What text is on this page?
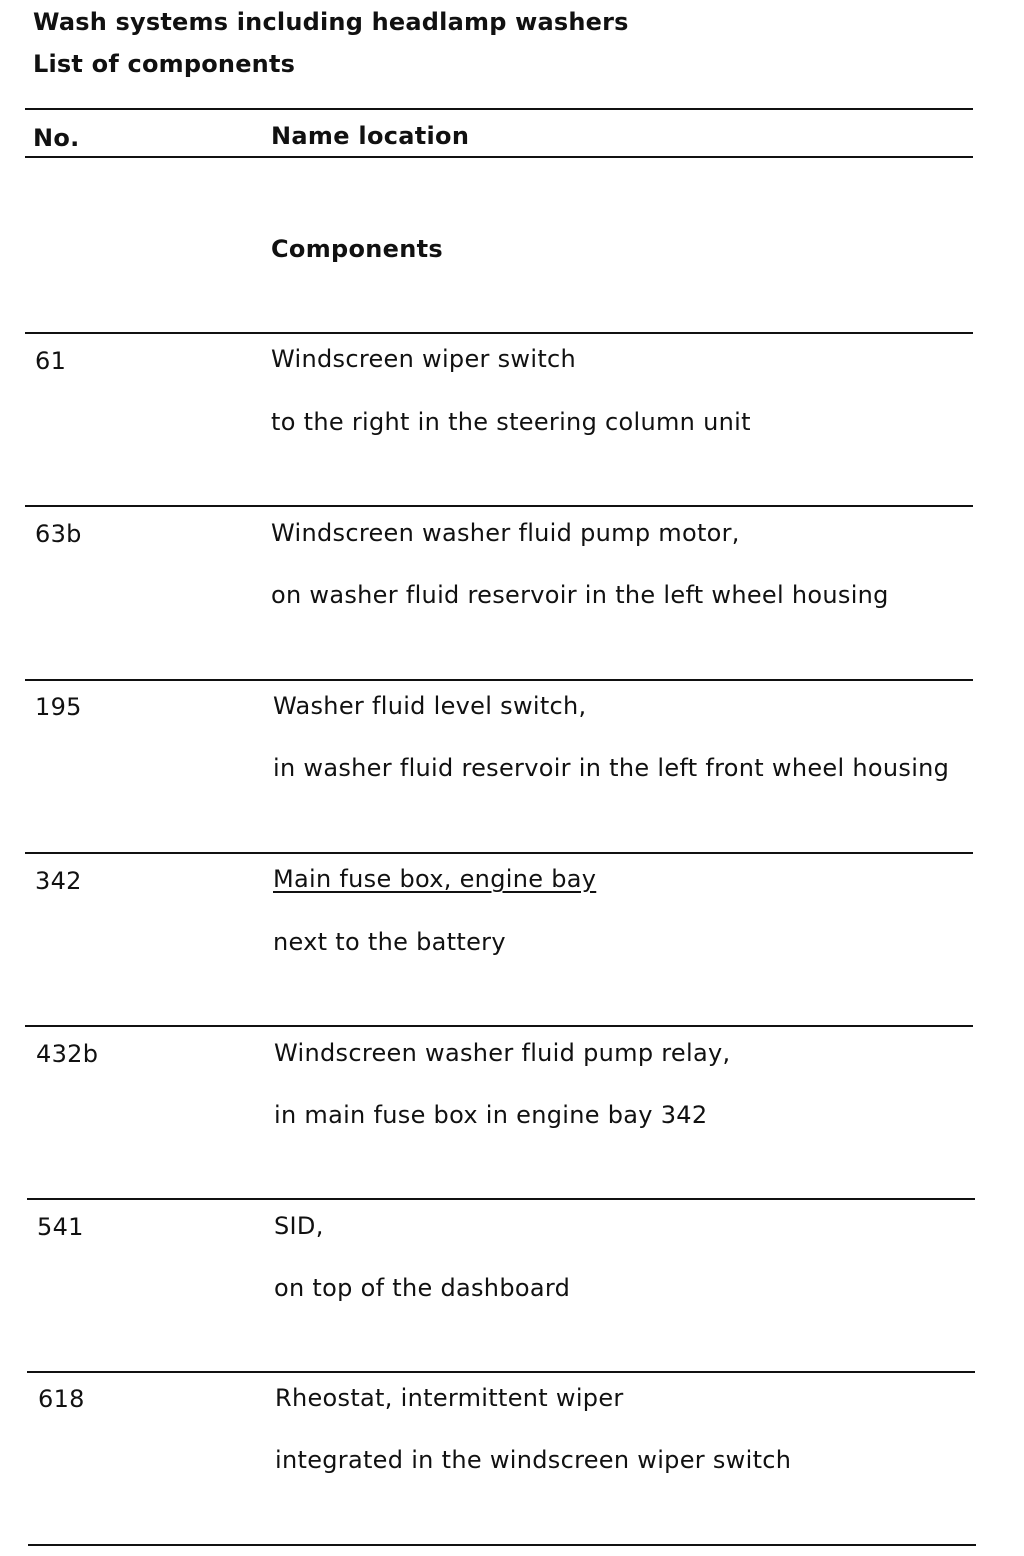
Wash systems including headlamp washers
List of components
No.	Name location
Components
61	Windscreen wiper switch
to the right in the steering column unit
63b	Windscreen washer fluid pump motor,
on washer fluid reservoir in the left wheel housing
195	Washer fluid level switch,
in washer fluid reservoir in the left front wheel housing
342	Main fuse box, engine bay
next to the battery
432b	Windscreen washer fluid pump relay,
in main fuse box in engine bay 342
541	SID,
on top of the dashboard
618	Rheostat, intermittent wiper
integrated in the windscreen wiper switch
